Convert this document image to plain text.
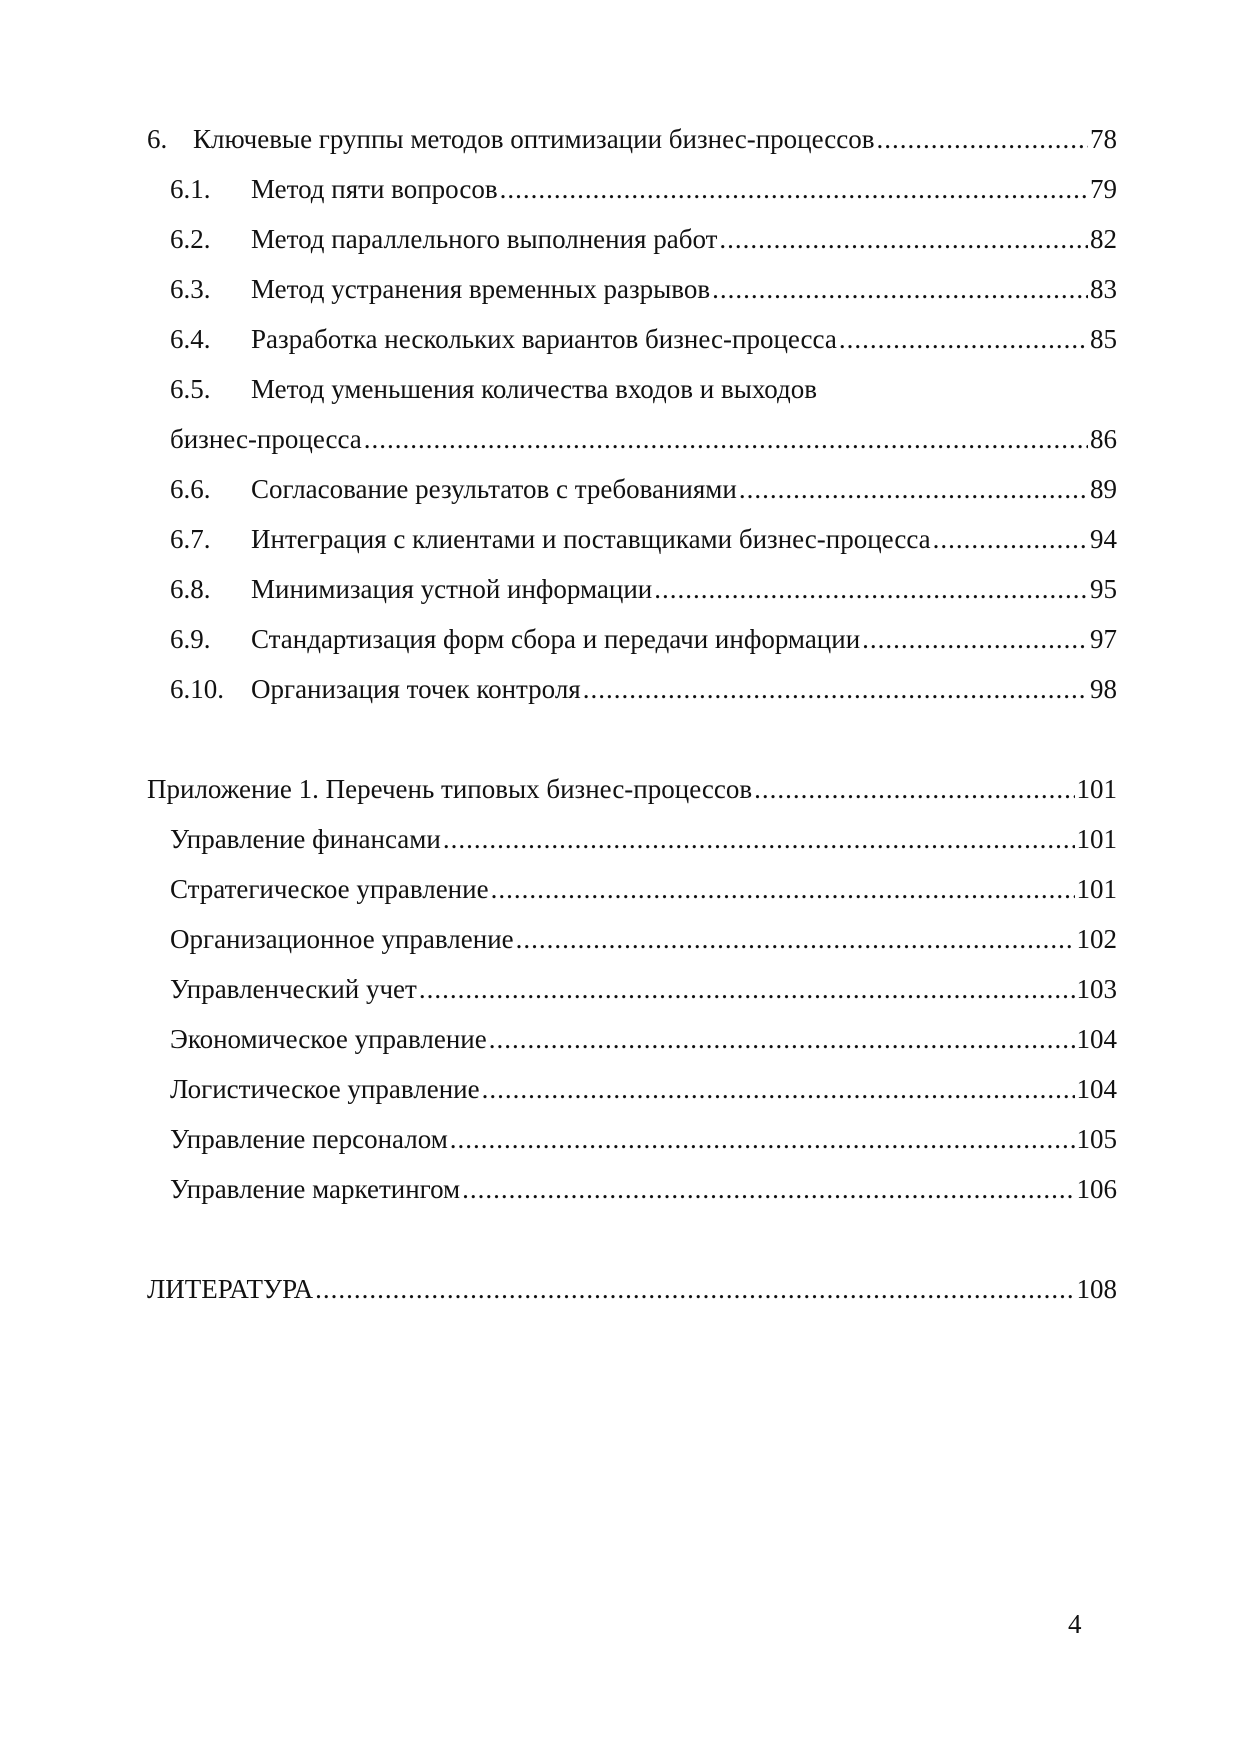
6. Ключевые группы методов оптимизации бизнес-процессов .....	78
6.1.	Метод пяти вопросов .....	79
6.2.	Метод параллельного выполнения работ .....	82
6.3.	Метод устранения временных разрывов .....	83
6.4.	Разработка нескольких вариантов бизнес-процесса .....	85
6.5.	Метод уменьшения количества входов и выходов
бизнес-процесса .....	86
6.6.	Согласование результатов с требованиями .....	89
6.7.	Интеграция с клиентами и поставщиками бизнес-процесса .....	94
6.8.	Минимизация устной информации .....	95
6.9.	Стандартизация форм сбора и передачи информации .....	97
6.10.	Организация точек контроля .....	98
Приложение 1. Перечень типовых бизнес-процессов .....	101
Управление финансами .....	101
Стратегическое управление .....	101
Организационное управление .....	102
Управленческий учет .....	103
Экономическое управление .....	104
Логистическое управление .....	104
Управление персоналом .....	105
Управление маркетингом .....	106
ЛИТЕРАТУРА .....	108
4
